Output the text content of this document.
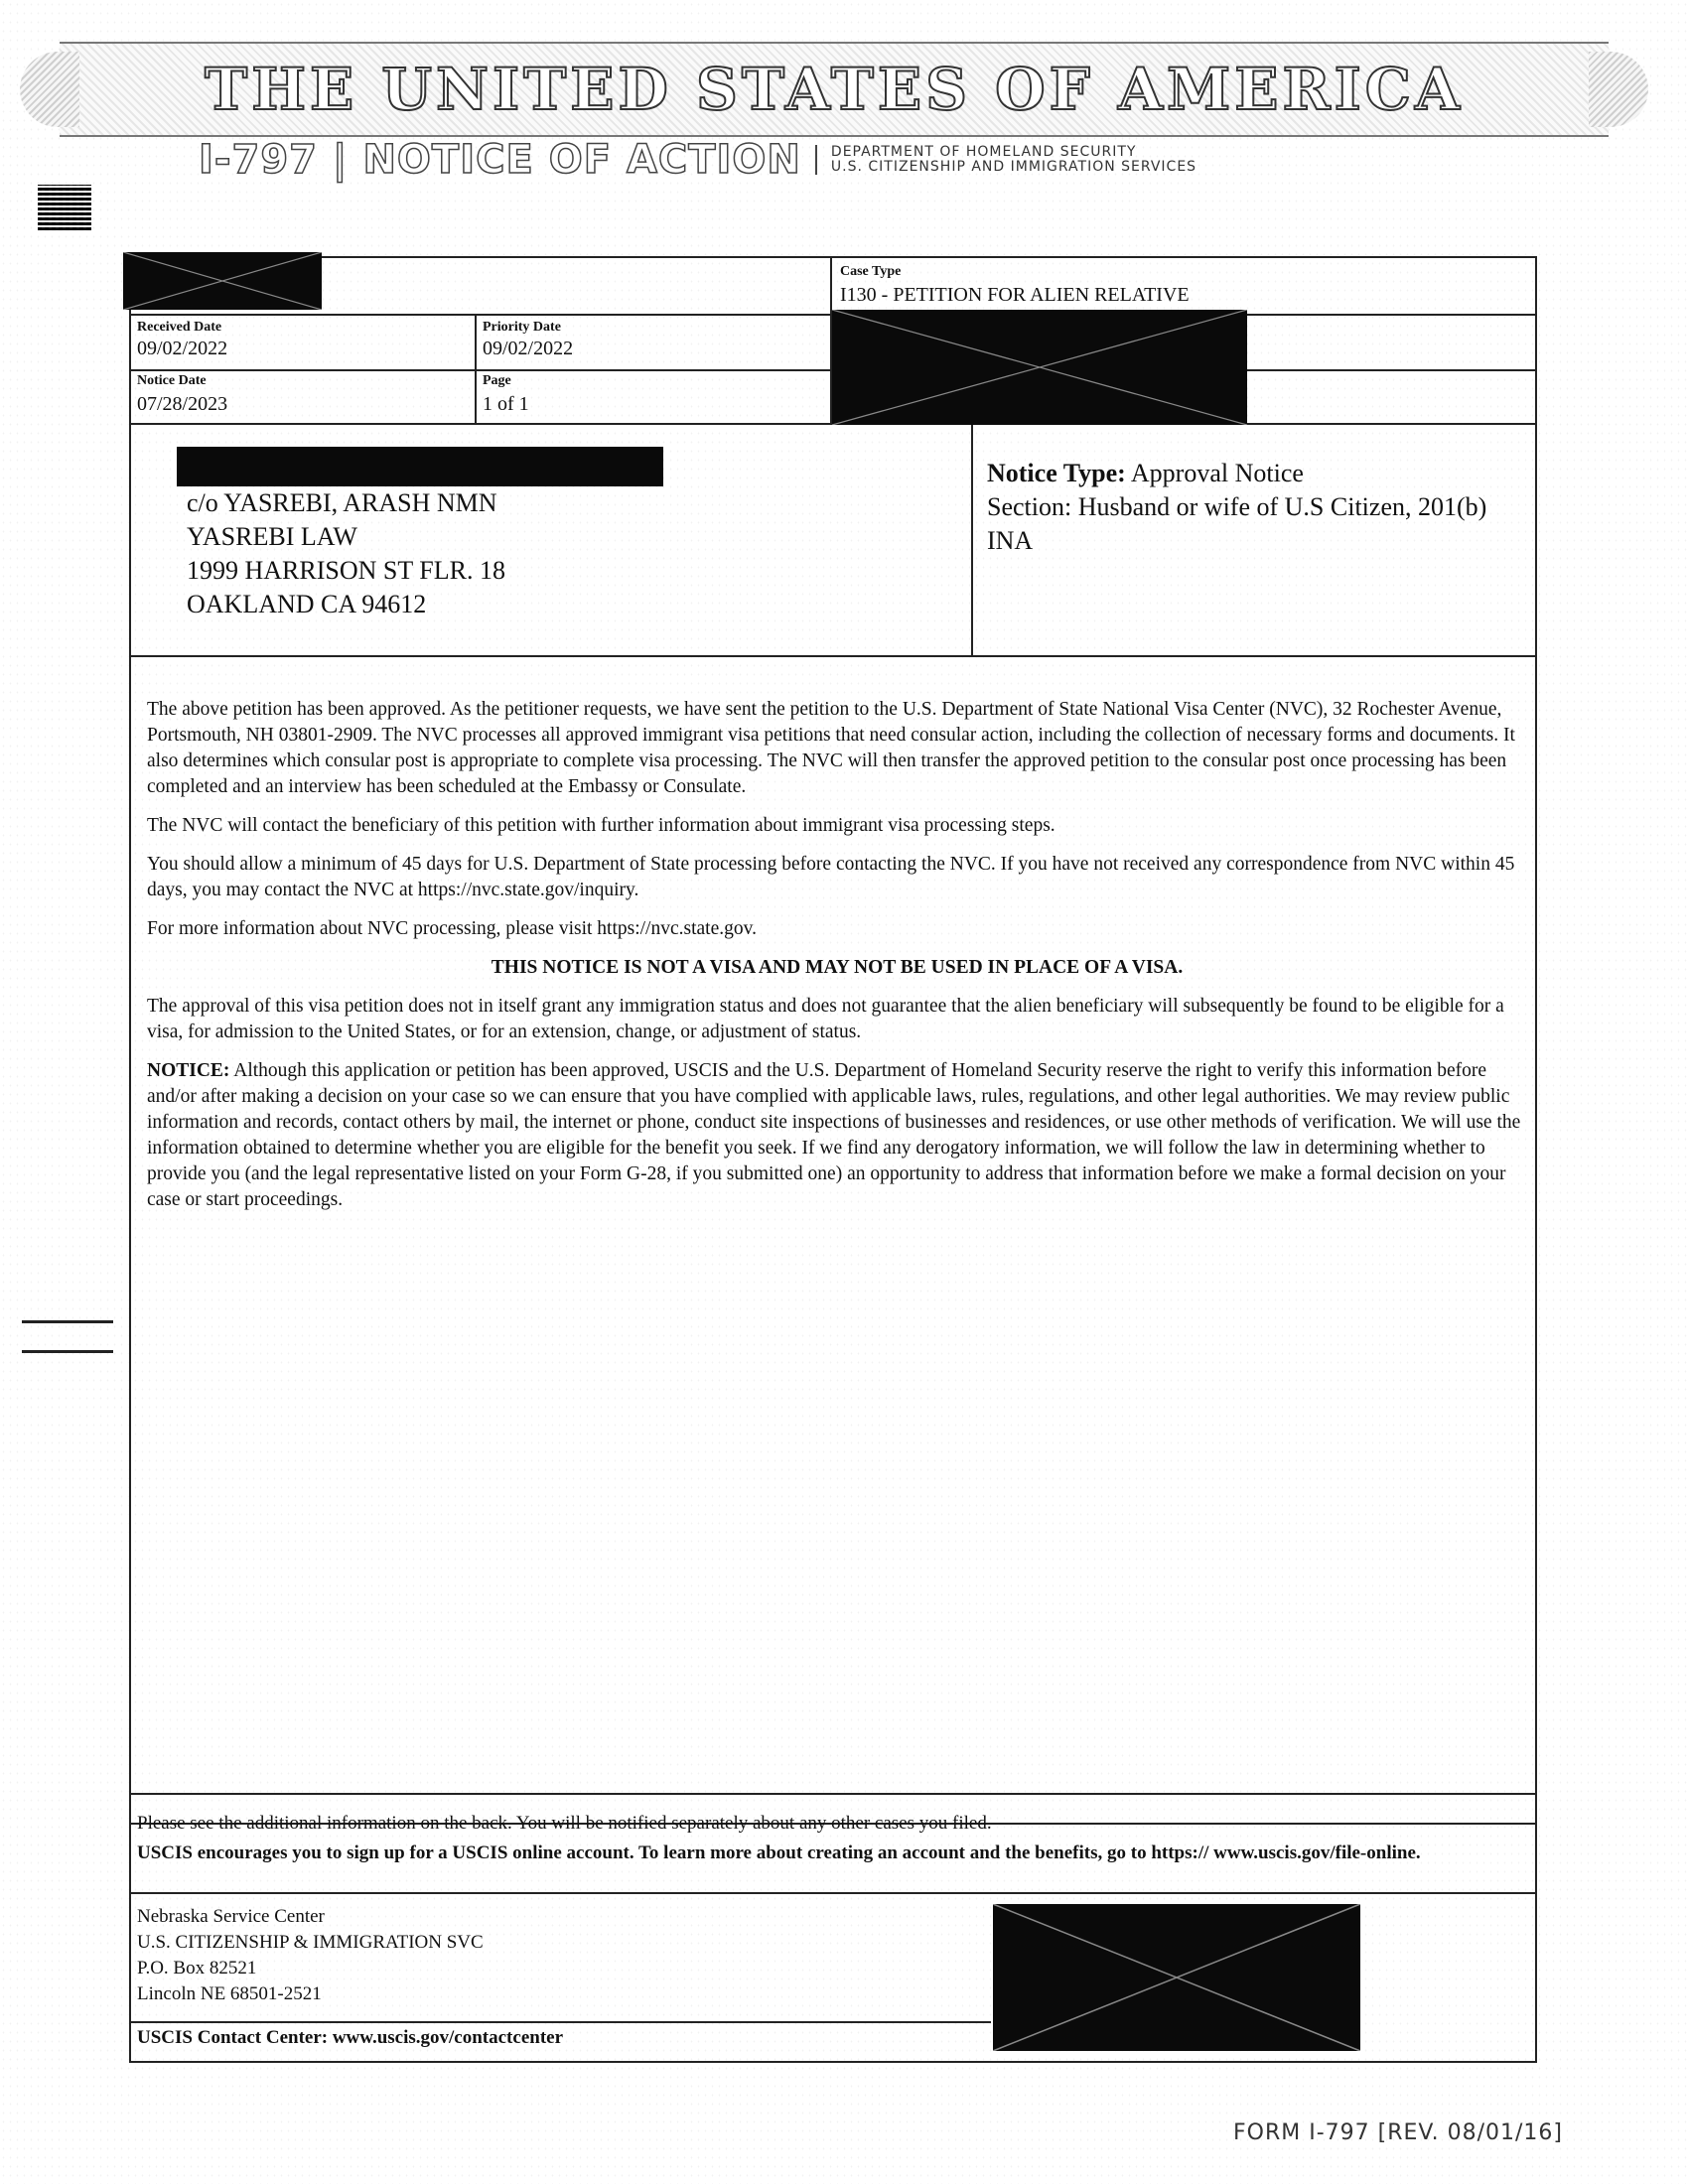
THE UNITED STATES OF AMERICA
I-797 | NOTICE OF ACTION DEPARTMENT OF HOMELAND SECURITY
U.S. CITIZENSHIP AND IMMIGRATION SERVICES
Case Type
I130 - PETITION FOR ALIEN RELATIVE
Received Date
09/02/2022
Priority Date
09/02/2022
Notice Date
07/28/2023
Page
1 of 1
c/o YASREBI, ARASH NMN
YASREBI LAW
1999 HARRISON ST FLR. 18
OAKLAND CA 94612
Notice Type: Approval Notice
Section: Husband or wife of U.S Citizen, 201(b) INA

The above petition has been approved. As the petitioner requests, we have sent the petition to the U.S. Department of State National Visa Center (NVC), 32 Rochester Avenue, Portsmouth, NH 03801-2909. The NVC processes all approved immigrant visa petitions that need consular action, including the collection of necessary forms and documents. It also determines which consular post is appropriate to complete visa processing. The NVC will then transfer the approved petition to the consular post once processing has been completed and an interview has been scheduled at the Embassy or Consulate.

The NVC will contact the beneficiary of this petition with further information about immigrant visa processing steps.

You should allow a minimum of 45 days for U.S. Department of State processing before contacting the NVC. If you have not received any correspondence from NVC within 45 days, you may contact the NVC at https://nvc.state.gov/inquiry.

For more information about NVC processing, please visit https://nvc.state.gov.

THIS NOTICE IS NOT A VISA AND MAY NOT BE USED IN PLACE OF A VISA.

The approval of this visa petition does not in itself grant any immigration status and does not guarantee that the alien beneficiary will subsequently be found to be eligible for a visa, for admission to the United States, or for an extension, change, or adjustment of status.

NOTICE: Although this application or petition has been approved, USCIS and the U.S. Department of Homeland Security reserve the right to verify this information before and/or after making a decision on your case so we can ensure that you have complied with applicable laws, rules, regulations, and other legal authorities. We may review public information and records, contact others by mail, the internet or phone, conduct site inspections of businesses and residences, or use other methods of verification. We will use the information obtained to determine whether you are eligible for the benefit you seek. If we find any derogatory information, we will follow the law in determining whether to provide you (and the legal representative listed on your Form G-28, if you submitted one) an opportunity to address that information before we make a formal decision on your case or start proceedings.

Please see the additional information on the back. You will be notified separately about any other cases you filed.
USCIS encourages you to sign up for a USCIS online account. To learn more about creating an account and the benefits, go to https:// www.uscis.gov/file-online.
Nebraska Service Center
U.S. CITIZENSHIP & IMMIGRATION SVC
P.O. Box 82521
Lincoln NE 68501-2521
USCIS Contact Center: www.uscis.gov/contactcenter
FORM I-797 [REV. 08/01/16]
